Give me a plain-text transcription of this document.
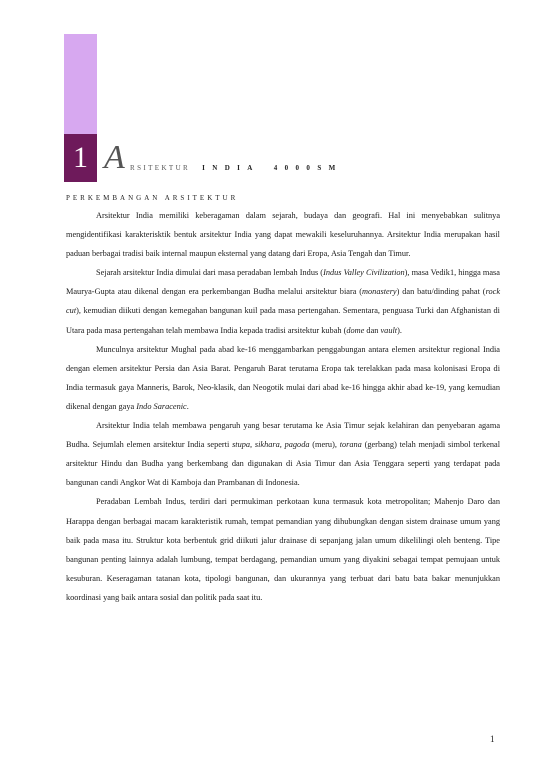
1 A RSITEKTUR INDIA 4000SM
PERKEMBANGAN ARSITEKTUR

Arsitektur India memiliki keberagaman dalam sejarah, budaya dan geografi. Hal ini menyebabkan sulitnya mengidentifikasi karakterisktik bentuk arsitektur India yang dapat mewakili keseluruhannya. Arsitektur India merupakan hasil paduan berbagai tradisi baik internal maupun eksternal yang datang dari Eropa, Asia Tengah dan Timur.

Sejarah arsitektur India dimulai dari masa peradaban lembah Indus (Indus Valley Civilization), masa Vedik1, hingga masa Maurya-Gupta atau dikenal dengan era perkembangan Budha melalui arsitektur biara (monastery) dan batu/dinding pahat (rock cut), kemudian diikuti dengan kemegahan bangunan kuil pada masa pertengahan. Sementara, penguasa Turki dan Afghanistan di Utara pada masa pertengahan telah membawa India kepada tradisi arsitektur kubah (dome dan vault).

Munculnya arsitektur Mughal pada abad ke-16 menggambarkan penggabungan antara elemen arsitektur regional India dengan elemen arsitektur Persia dan Asia Barat. Pengaruh Barat terutama Eropa tak terelakkan pada masa kolonisasi Eropa di India termasuk gaya Manneris, Barok, Neo-klasik, dan Neogotik mulai dari abad ke-16 hingga akhir abad ke-19, yang kemudian dikenal dengan gaya Indo Saracenic.

Arsitektur India telah membawa pengaruh yang besar terutama ke Asia Timur sejak kelahiran dan penyebaran agama Budha. Sejumlah elemen arsitektur India seperti stupa, sikhara, pagoda (meru), torana (gerbang) telah menjadi simbol terkenal arsitektur Hindu dan Budha yang berkembang dan digunakan di Asia Timur dan Asia Tenggara seperti yang terdapat pada bangunan candi Angkor Wat di Kamboja dan Prambanan di Indonesia.

Peradaban Lembah Indus, terdiri dari permukiman perkotaan kuna termasuk kota metropolitan; Mahenjo Daro dan Harappa dengan berbagai macam karakteristik rumah, tempat pemandian yang dihubungkan dengan sistem drainase umum yang baik pada masa itu. Struktur kota berbentuk grid diikuti jalur drainase di sepanjang jalan umum dikelilingi oleh benteng. Tipe bangunan penting lainnya adalah lumbung, tempat berdagang, pemandian umum yang diyakini sebagai tempat pemujaan untuk kesuburan. Keseragaman tatanan kota, tipologi bangunan, dan ukurannya yang terbuat dari batu bata bakar menunjukkan koordinasi yang baik antara sosial dan politik pada saat itu.

1
